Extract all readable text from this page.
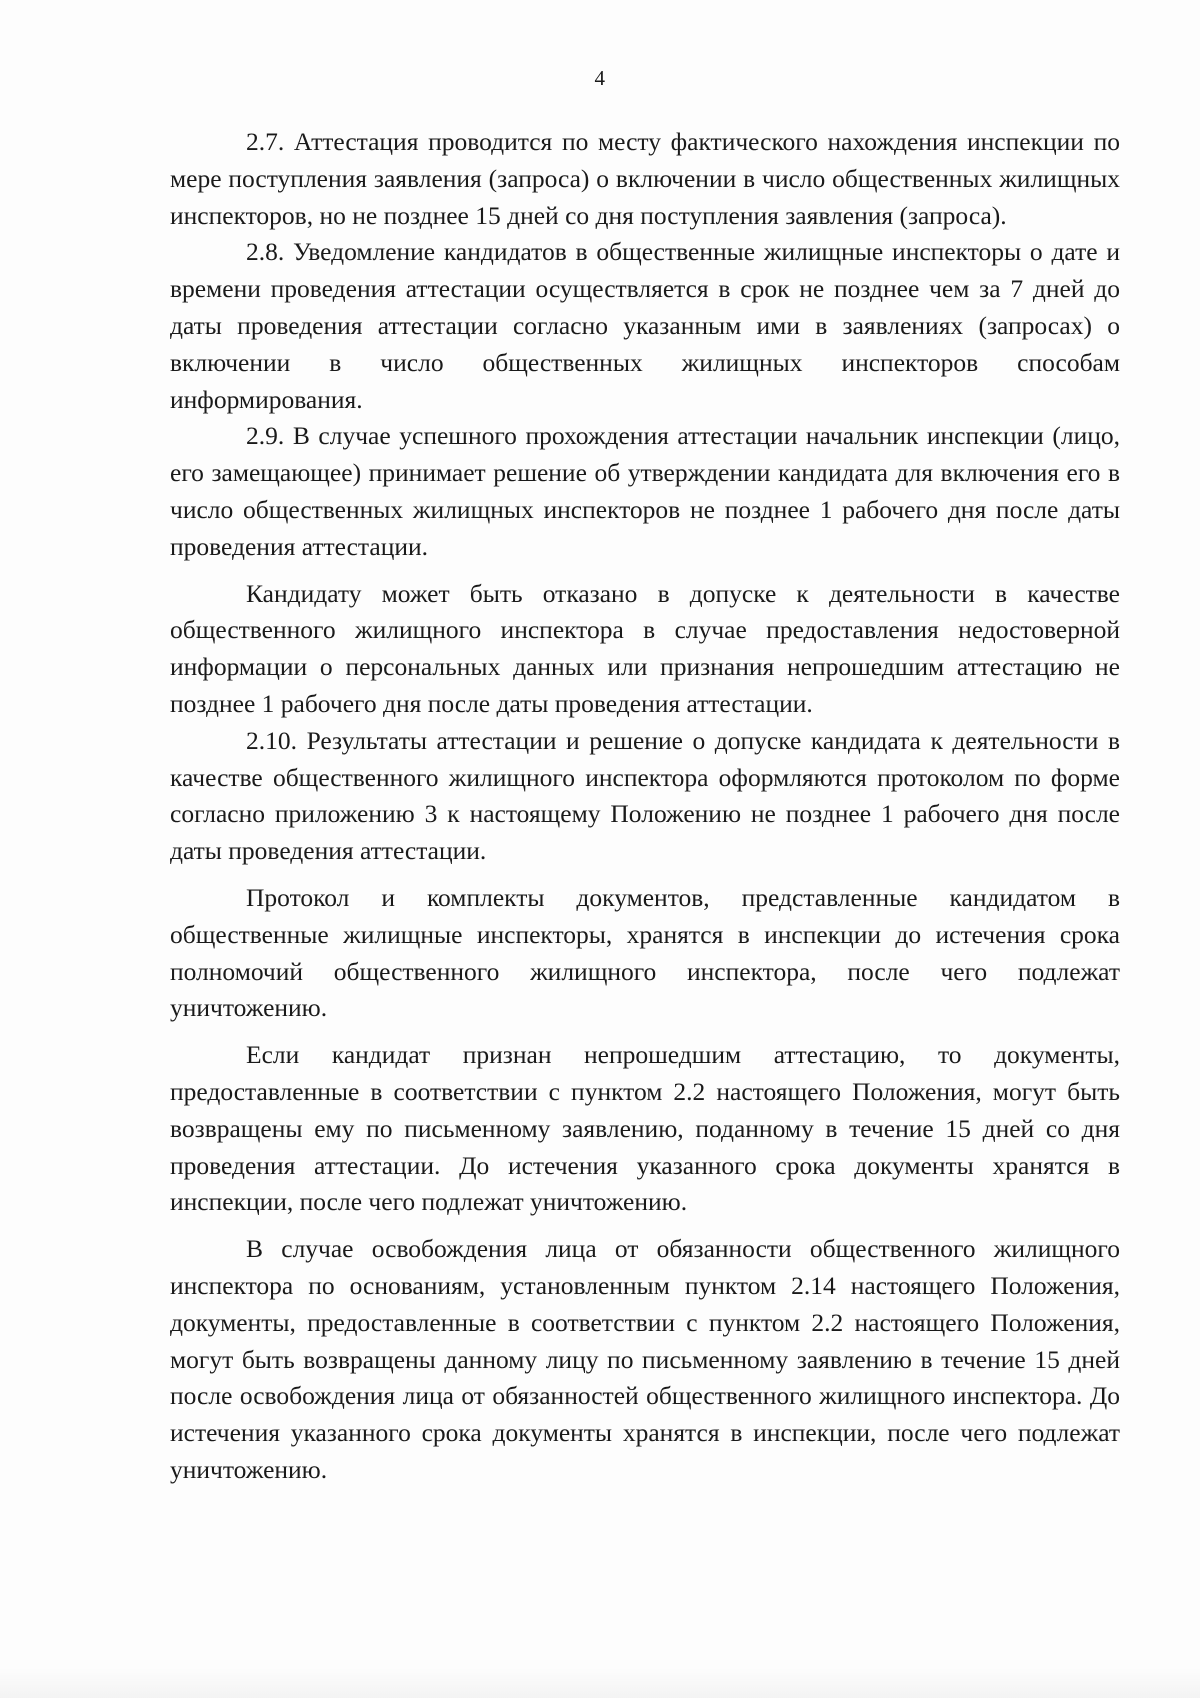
4

2.7. Аттестация проводится по месту фактического нахождения инспекции по мере поступления заявления (запроса) о включении в число общественных жилищных инспекторов, но не позднее 15 дней со дня поступления заявления (запроса).

2.8. Уведомление кандидатов в общественные жилищные инспекторы о дате и времени проведения аттестации осуществляется в срок не позднее чем за 7 дней до даты проведения аттестации согласно указанным ими в заявлениях (запросах) о включении в число общественных жилищных инспекторов способам информирования.

2.9. В случае успешного прохождения аттестации начальник инспекции (лицо, его замещающее) принимает решение об утверждении кандидата для включения его в число общественных жилищных инспекторов не позднее 1 рабочего дня после даты проведения аттестации.

Кандидату может быть отказано в допуске к деятельности в качестве общественного жилищного инспектора в случае предоставления недостоверной информации о персональных данных или признания непрошедшим аттестацию не позднее 1 рабочего дня после даты проведения аттестации.

2.10. Результаты аттестации и решение о допуске кандидата к деятельности в качестве общественного жилищного инспектора оформляются протоколом по форме согласно приложению 3 к настоящему Положению не позднее 1 рабочего дня после даты проведения аттестации.

Протокол и комплекты документов, представленные кандидатом в общественные жилищные инспекторы, хранятся в инспекции до истечения срока полномочий общественного жилищного инспектора, после чего подлежат уничтожению.

Если кандидат признан непрошедшим аттестацию, то документы, предоставленные в соответствии с пунктом 2.2 настоящего Положения, могут быть возвращены ему по письменному заявлению, поданному в течение 15 дней со дня проведения аттестации. До истечения указанного срока документы хранятся в инспекции, после чего подлежат уничтожению.

В случае освобождения лица от обязанности общественного жилищного инспектора по основаниям, установленным пунктом 2.14 настоящего Положения, документы, предоставленные в соответствии с пунктом 2.2 настоящего Положения, могут быть возвращены данному лицу по письменному заявлению в течение 15 дней после освобождения лица от обязанностей общественного жилищного инспектора. До истечения указанного срока документы хранятся в инспекции, после чего подлежат уничтожению.
